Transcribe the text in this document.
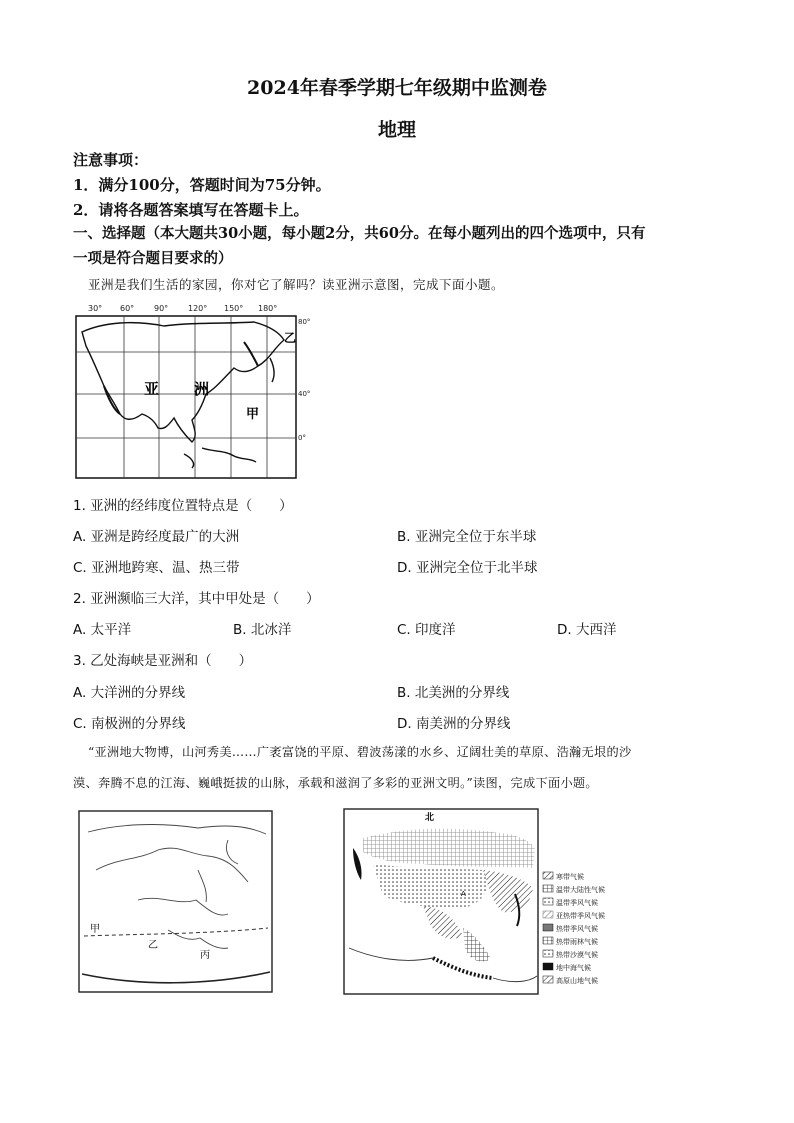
2024年春季学期七年级期中监测卷
地理
注意事项：
1．满分100分，答题时间为75分钟。
2．请将各题答案填写在答题卡上。
一、选择题（本大题共30小题，每小题2分，共60分。在每小题列出的四个选项中，只有
一项是符合题目要求的）
亚洲是我们生活的家园，你对它了解吗？读亚洲示意图，完成下面小题。
30° 60° 90° 120° 150° 180°
亚 洲
甲
乙
80°
40°
0°
1. 亚洲的经纬度位置特点是（　　）
A. 亚洲是跨经度最广的大洲	B. 亚洲完全位于东半球
C. 亚洲地跨寒、温、热三带	D. 亚洲完全位于北半球
2. 亚洲濒临三大洋，其中甲处是（　　）
A. 太平洋	B. 北冰洋	C. 印度洋	D. 大西洋
3. 乙处海峡是亚洲和（　　）
A. 大洋洲的分界线	B. 北美洲的分界线
C. 南极洲的分界线	D. 南美洲的分界线
“亚洲地大物博，山河秀美……广袤富饶的平原、碧波荡漾的水乡、辽阔壮美的草原、浩瀚无垠的沙
漠、奔腾不息的江海、巍峨挺拔的山脉，承载和滋润了多彩的亚洲文明。”读图，完成下面小题。
甲
乙
丙
北
A
寒带气候
温带大陆性气候
温带季风气候
亚热带季风气候
热带季风气候
热带雨林气候
热带沙漠气候
地中海气候
高原山地气候
